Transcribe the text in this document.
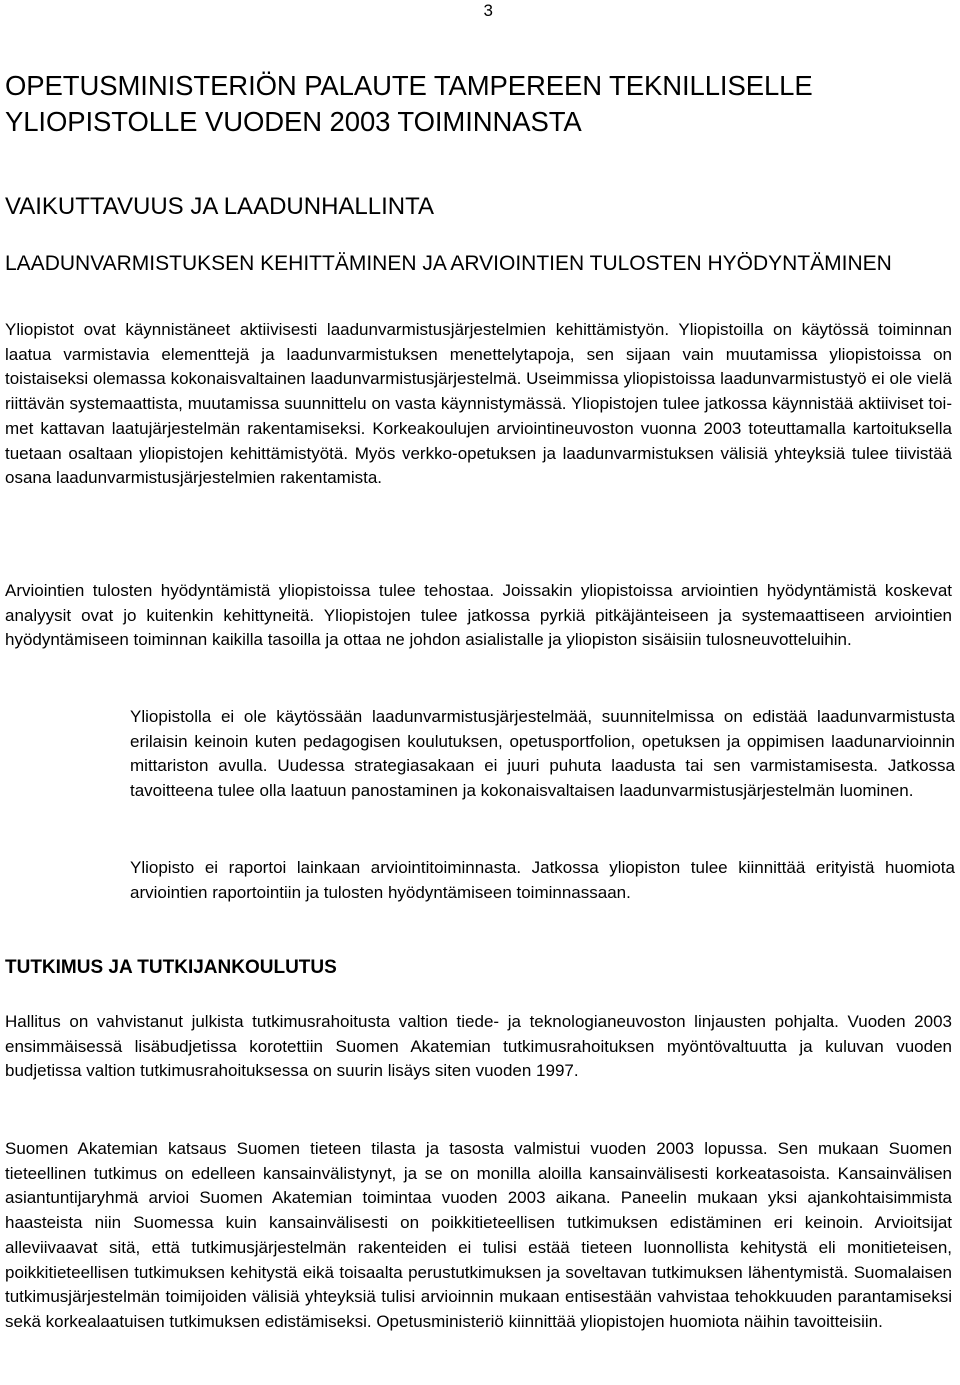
3
OPETUSMINISTERIÖN PALAUTE TAMPEREEN TEKNILLISELLE YLIOPISTOLLE VUODEN 2003 TOIMINNASTA
VAIKUTTAVUUS JA LAADUNHALLINTA
LAADUNVARMISTUKSEN KEHITTÄMINEN JA ARVIOINTIEN TULOSTEN HYÖDYNTÄMINEN

Yliopistot ovat käynnistäneet aktiivisesti laadunvarmistusjärjestelmien kehittämistyön. Yliopistoilla on käytössä toiminnan laatua varmistavia elementtejä ja laadunvarmistuksen menettelytapoja, sen sijaan vain muutamissa yliopistoissa on toistaiseksi olemassa kokonaisvaltainen laadunvarmistusjärjestelmä. Useimmissa yliopistoissa laadunvarmistustyö ei ole vielä riittävän systemaattista, muutamissa suunnittelu on vasta käynnistymässä. Yliopistojen tulee jatkossa käynnistää aktiiviset toimet kattavan laatujärjestelmän rakentamiseksi. Korkeakoulujen arviointineuvoston vuonna 2003 toteuttamalla kartoituksella tuetaan osaltaan yliopistojen kehittämistyötä. Myös verkko-opetuksen ja laadunvarmistuksen välisiä yhteyksiä tulee tiivistää osana laadunvarmistusjärjestelmien rakentamista.

Arviointien tulosten hyödyntämistä yliopistoissa tulee tehostaa. Joissakin yliopistoissa arviointien hyödyntämistä koskevat analyysit ovat jo kuitenkin kehittyneitä. Yliopistojen tulee jatkossa pyrkiä pitkäjänteiseen ja systemaattiseen arviointien hyödyntämiseen toiminnan kaikilla tasoilla ja ottaa ne johdon asialistalle ja yliopiston sisäisiin tulosneuvotteluihin.

Yliopistolla ei ole käytössään laadunvarmistusjärjestelmää, suunnitelmissa on edistää laadunvarmistusta erilaisin keinoin kuten pedagogisen koulutuksen, opetusportfolion, opetuksen ja oppimisen laadunarvioinnin mittariston avulla. Uudessa strategiasakaan ei juuri puhuta laadusta tai sen varmistamisesta. Jatkossa tavoitteena tulee olla laatuun panostaminen ja kokonaisvaltaisen laadunvarmistusjärjestelmän luominen.

Yliopisto ei raportoi lainkaan arviointitoiminnasta. Jatkossa yliopiston tulee kiinnittää erityistä huomiota arviointien raportointiin ja tulosten hyödyntämiseen toiminnassaan.

TUTKIMUS JA TUTKIJANKOULUTUS

Hallitus on vahvistanut julkista tutkimusrahoitusta valtion tiede- ja teknologianeuvoston linjausten pohjalta. Vuoden 2003 ensimmäisessä lisäbudjetissa korotettiin Suomen Akatemian tutkimusrahoituksen myöntövaltuutta ja kuluvan vuoden budjetissa valtion tutkimusrahoituksessa on suurin lisäys siten vuoden 1997.

Suomen Akatemian katsaus Suomen tieteen tilasta ja tasosta valmistui vuoden 2003 lopussa. Sen mukaan Suomen tieteellinen tutkimus on edelleen kansainvälistynyt, ja se on monilla aloilla kansainvälisesti korkeatasoista. Kansainvälisen asiantuntijaryhmä arvioi Suomen Akatemian toimintaa vuoden 2003 aikana. Paneelin mukaan yksi ajankohtaisimmista haasteista niin Suomessa kuin kansainvälisesti on poikkitieteellisen tutkimuksen edistäminen eri keinoin. Arvioitsijat alleviivaavat sitä, että tutkimusjärjestelmän rakenteiden ei tulisi estää tieteen luonnollista kehitystä eli monitieteisen, poikkitieteellisen tutkimuksen kehitystä eikä toisaalta perustutkimuksen ja soveltavan tutkimuksen lähentymistä. Suomalaisen tutkimusjärjestelmän toimijoiden välisiä yhteyksiä tulisi arvioinnin mukaan entisestään vahvistaa tehokkuuden parantamiseksi sekä korkealaatuisen tutkimuksen edistämiseksi. Opetusministeriö kiinnittää yliopistojen huomiota näihin tavoitteisiin.
